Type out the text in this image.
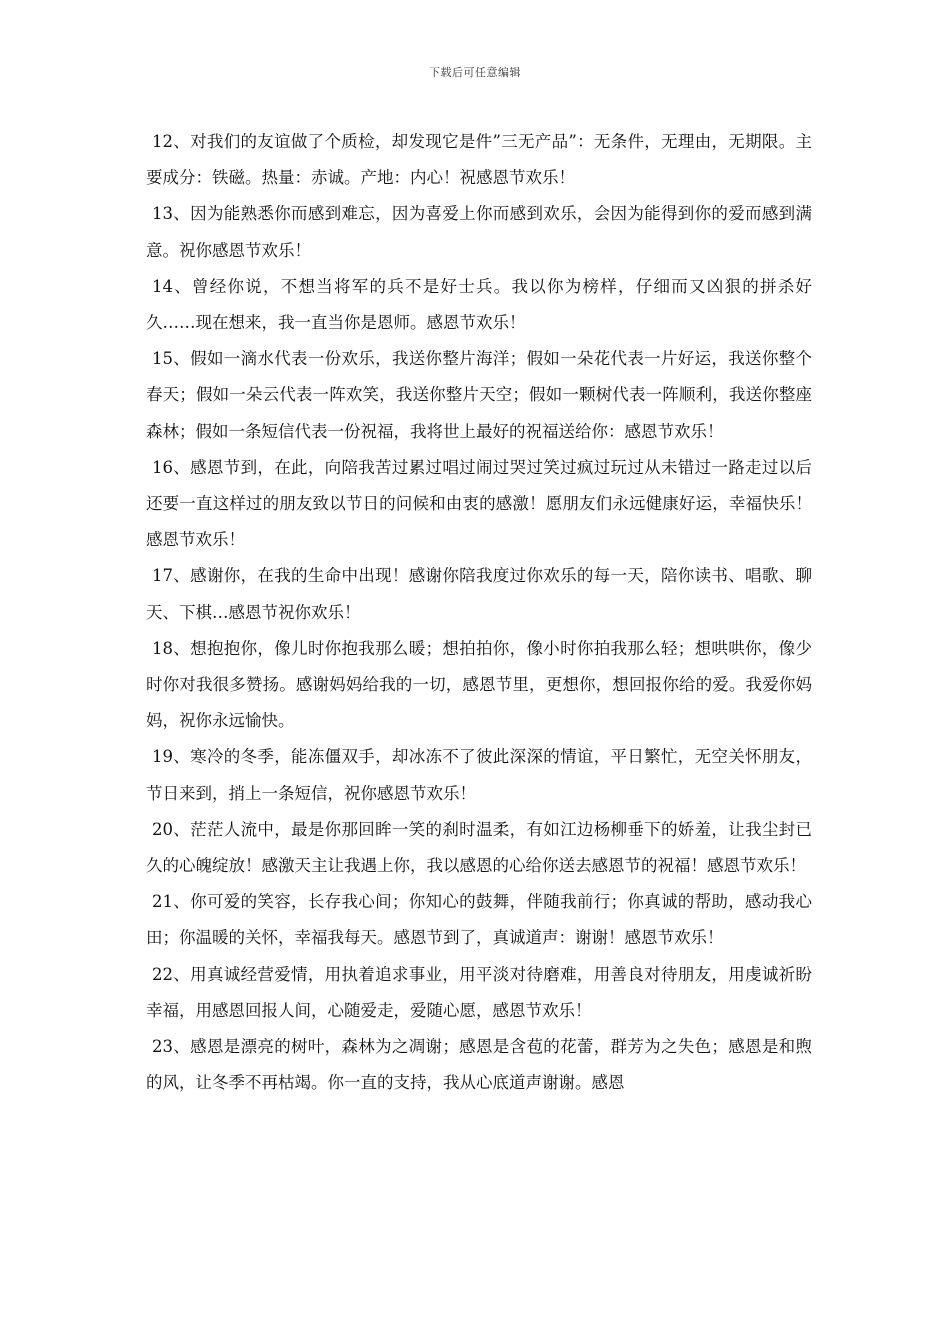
下载后可任意编辑

12、对我们的友谊做了个质检，却发现它是件”三无产品”：无条件，无理由，无期限。主要成分：铁磁。热量：赤诚。产地：内心！祝感恩节欢乐！

13、因为能熟悉你而感到难忘，因为喜爱上你而感到欢乐，会因为能得到你的爱而感到满意。祝你感恩节欢乐！

14、曾经你说，不想当将军的兵不是好士兵。我以你为榜样，仔细而又凶狠的拼杀好久……现在想来，我一直当你是恩师。感恩节欢乐！

15、假如一滴水代表一份欢乐，我送你整片海洋；假如一朵花代表一片好运，我送你整个春天；假如一朵云代表一阵欢笑，我送你整片天空；假如一颗树代表一阵顺利，我送你整座森林；假如一条短信代表一份祝福，我将世上最好的祝福送给你：感恩节欢乐！

16、感恩节到，在此，向陪我苦过累过唱过闹过哭过笑过疯过玩过从未错过一路走过以后还要一直这样过的朋友致以节日的问候和由衷的感激！愿朋友们永远健康好运，幸福快乐！感恩节欢乐！

17、感谢你，在我的生命中出现！感谢你陪我度过你欢乐的每一天，陪你读书、唱歌、聊天、下棋…感恩节祝你欢乐！

18、想抱抱你，像儿时你抱我那么暖；想拍拍你，像小时你拍我那么轻；想哄哄你，像少时你对我很多赞扬。感谢妈妈给我的一切，感恩节里，更想你，想回报你给的爱。我爱你妈妈，祝你永远愉快。

19、寒冷的冬季，能冻僵双手，却冰冻不了彼此深深的情谊，平日繁忙，无空关怀朋友，节日来到，捎上一条短信，祝你感恩节欢乐！

20、茫茫人流中，最是你那回眸一笑的刹时温柔，有如江边杨柳垂下的娇羞，让我尘封已久的心魄绽放！感激天主让我遇上你，我以感恩的心给你送去感恩节的祝福！感恩节欢乐！

21、你可爱的笑容，长存我心间；你知心的鼓舞，伴随我前行；你真诚的帮助，感动我心田；你温暖的关怀，幸福我每天。感恩节到了，真诚道声：谢谢！感恩节欢乐！

22、用真诚经营爱情，用执着追求事业，用平淡对待磨难，用善良对待朋友，用虔诚祈盼幸福，用感恩回报人间，心随爱走，爱随心愿，感恩节欢乐！

23、感恩是漂亮的树叶，森林为之凋谢；感恩是含苞的花蕾，群芳为之失色；感恩是和煦的风，让冬季不再枯竭。你一直的支持，我从心底道声谢谢。感恩
